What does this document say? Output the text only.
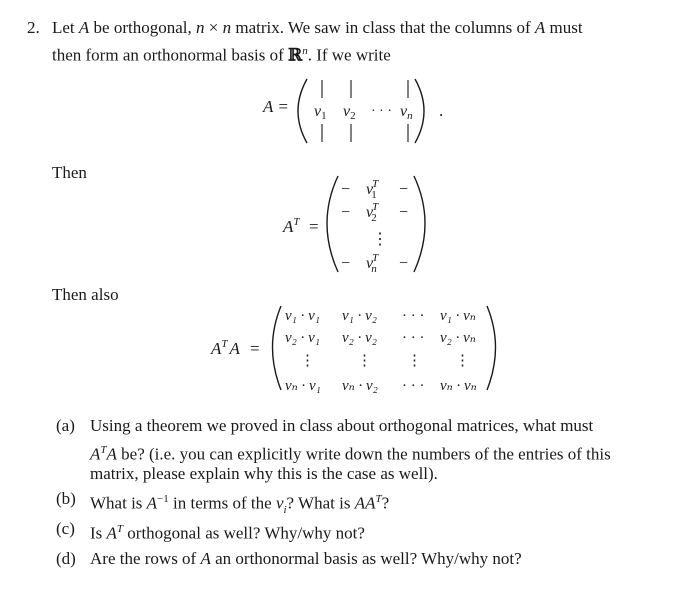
2. Let A be orthogonal, n × n matrix. We saw in class that the columns of A must
then form an orthonormal basis of ℝ$^n$. If we write
A = v1 v2 · · · vn .
Then
$A^T$ =
− vT 1 −
− vT 2 −
⋮
− vT n −
Then also
$A^T$ A =
v₁ · v₁ v₁ · v₂ · · · v₁ · vₙ
v₂ · v₁ v₂ · v₂ · · · v₂ · vₙ
⋮	⋮ ⋮ ⋮
vₙ · v₁ vₙ · v₂ · · · vₙ · vₙ
(a) Using a theorem we proved in class about orthogonal matrices, what must
$A^TA$ be? (i.e. you can explicitly write down the numbers of the entries of this
matrix, please explain why this is the case as well).
(b) What is $A^{-1}$ in terms of the $v_i$? What is $AA^T$?
(c) Is $A^T$ orthogonal as well? Why/why not?
(d) Are the rows of A an orthonormal basis as well? Why/why not?
